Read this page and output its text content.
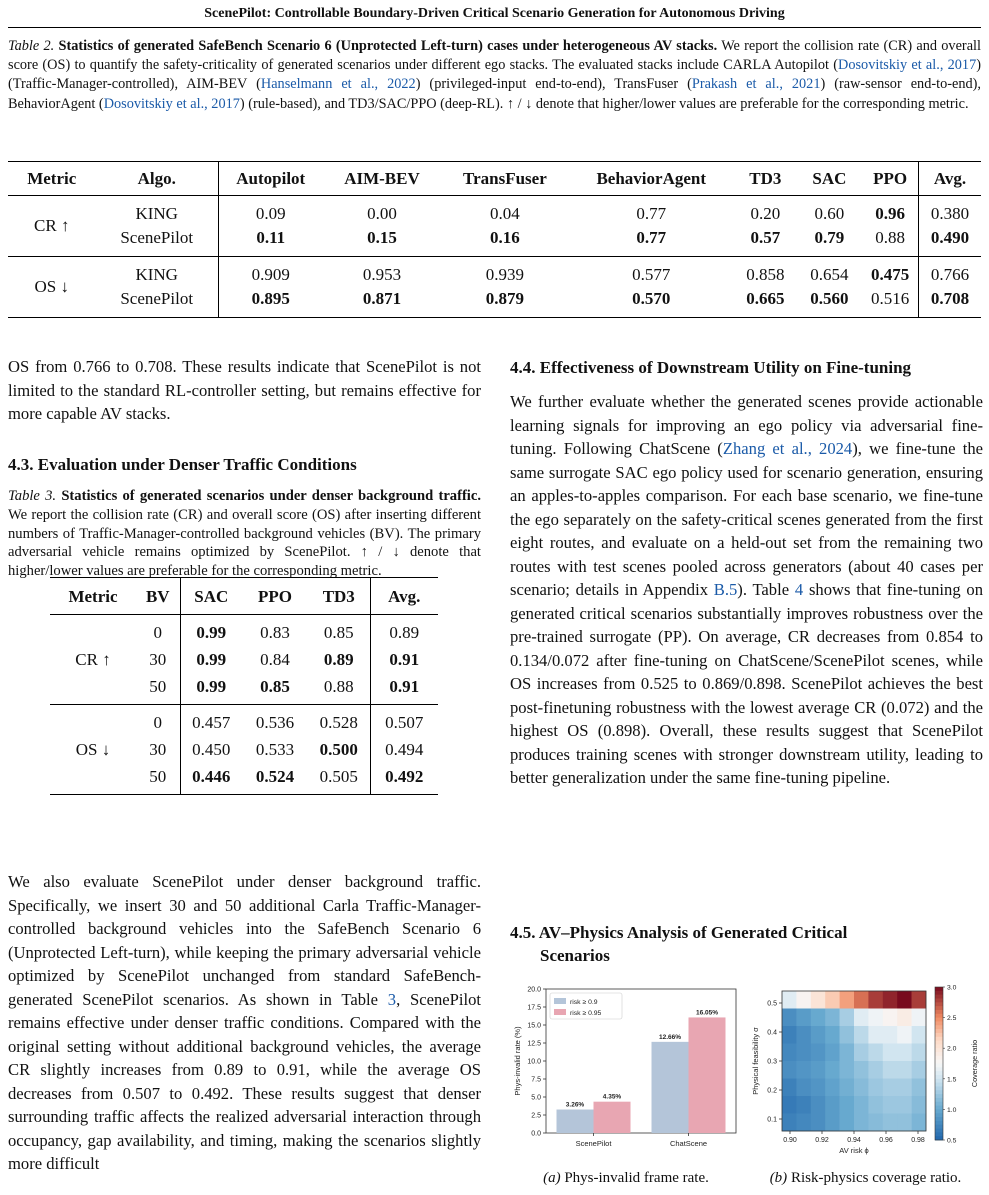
ScenePilot: Controllable Boundary-Driven Critical Scenario Generation for Autonomous Driving
Table 2. Statistics of generated SafeBench Scenario 6 (Unprotected Left-turn) cases under heterogeneous AV stacks. We report the collision rate (CR) and overall score (OS) to quantify the safety-criticality of generated scenarios under different ego stacks. The evaluated stacks include CARLA Autopilot (Dosovitskiy et al., 2017) (Traffic-Manager-controlled), AIM-BEV (Hanselmann et al., 2022) (privileged-input end-to-end), TransFuser (Prakash et al., 2021) (raw-sensor end-to-end), BehaviorAgent (Dosovitskiy et al., 2017) (rule-based), and TD3/SAC/PPO (deep-RL). ↑ / ↓ denote that higher/lower values are preferable for the corresponding metric.
Metric	Algo.	Autopilot	AIM-BEV	TransFuser	BehaviorAgent	TD3	SAC	PPO	Avg.
CR ↑	KING	0.09	0.00	0.04	0.77	0.20	0.60	0.96	0.380
	ScenePilot	0.11	0.15	0.16	0.77	0.57	0.79	0.88	0.490
OS ↓	KING	0.909	0.953	0.939	0.577	0.858	0.654	0.475	0.766
	ScenePilot	0.895	0.871	0.879	0.570	0.665	0.560	0.516	0.708
OS from 0.766 to 0.708. These results indicate that ScenePilot is not limited to the standard RL-controller setting, but remains effective for more capable AV stacks.
4.3. Evaluation under Denser Traffic Conditions
Table 3. Statistics of generated scenarios under denser background traffic. We report the collision rate (CR) and overall score (OS) after inserting different numbers of Traffic-Manager-controlled background vehicles (BV). The primary adversarial vehicle remains optimized by ScenePilot. ↑ / ↓ denote that higher/lower values are preferable for the corresponding metric.
Metric	BV	SAC	PPO	TD3	Avg.
CR ↑	0	0.99	0.83	0.85	0.89
	30	0.99	0.84	0.89	0.91
	50	0.99	0.85	0.88	0.91
OS ↓	0	0.457	0.536	0.528	0.507
	30	0.450	0.533	0.500	0.494
	50	0.446	0.524	0.505	0.492
We also evaluate ScenePilot under denser background traffic. Specifically, we insert 30 and 50 additional Carla Traffic-Manager-controlled background vehicles into the SafeBench Scenario 6 (Unprotected Left-turn), while keeping the primary adversarial vehicle optimized by ScenePilot unchanged from standard SafeBench-generated ScenePilot scenarios. As shown in Table 3, ScenePilot remains effective under denser traffic conditions. Compared with the original setting without additional background vehicles, the average CR slightly increases from 0.89 to 0.91, while the average OS decreases from 0.507 to 0.492. These results suggest that denser surrounding traffic affects the realized adversarial interaction through occupancy, gap availability, and timing, making the scenarios slightly more difficult
4.4. Effectiveness of Downstream Utility on Fine-tuning
We further evaluate whether the generated scenes provide actionable learning signals for improving an ego policy via adversarial fine-tuning. Following ChatScene (Zhang et al., 2024), we fine-tune the same surrogate SAC ego policy used for scenario generation, ensuring an apples-to-apples comparison. For each base scenario, we fine-tune the ego separately on the safety-critical scenes generated from the first eight routes, and evaluate on a held-out set from the remaining two routes with test scenes pooled across generators (about 40 cases per scenario; details in Appendix B.5). Table 4 shows that fine-tuning on generated critical scenarios substantially improves robustness over the pre-trained surrogate (PP). On average, CR decreases from 0.854 to 0.134/0.072 after fine-tuning on ChatScene/ScenePilot scenes, while OS increases from 0.525 to 0.869/0.898. ScenePilot achieves the best post-finetuning robustness with the lowest average CR (0.072) and the highest OS (0.898). Overall, these results suggest that ScenePilot produces training scenes with stronger downstream utility, leading to better generalization under the same fine-tuning pipeline.
4.5. AV–Physics Analysis of Generated Critical
Scenarios
0.0
2.5
5.0
7.5
10.0
12.5
15.0
17.5
20.0
Phys-invalid rate (%)
ScenePilot
3.26%
4.35%
ChatScene
12.66%
16.05%
risk ≥ 0.9
risk ≥ 0.95
0.90	0.92	0.94	0.96	0.98
AV risk ϕ
0.1
0.2
0.3
0.4
0.5
Physical feasibility σ
0.5
1.0
1.5
2.0
2.5
3.0
Coverage ratio
(a) Phys-invalid frame rate.	(b) Risk-physics coverage ratio.
